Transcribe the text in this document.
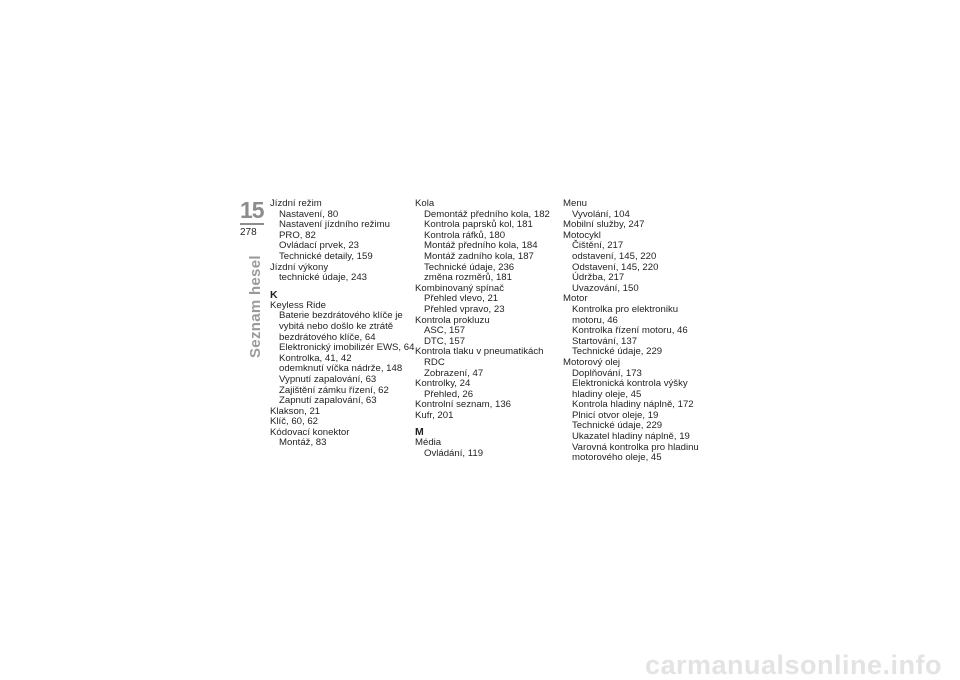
15
278
Seznam hesel
Jízdní režim
Nastavení, 80
Nastavení jízdního režimu
PRO, 82
Ovládací prvek, 23
Technické detaily, 159
Jízdní výkony
technické údaje, 243
K
Keyless Ride
Baterie bezdrátového klíče je
vybitá nebo došlo ke ztrátě
bezdrátového klíče, 64
Elektronický imobilizér EWS, 64
Kontrolka, 41, 42
odemknutí víčka nádrže, 148
Vypnutí zapalování, 63
Zajištění zámku řízení, 62
Zapnutí zapalování, 63
Klakson, 21
Klíč, 60, 62
Kódovací konektor
Montáž, 83
Kola
Demontáž předního kola, 182
Kontrola paprsků kol, 181
Kontrola ráfků, 180
Montáž předního kola, 184
Montáž zadního kola, 187
Technické údaje, 236
změna rozměrů, 181
Kombinovaný spínač
Přehled vlevo, 21
Přehled vpravo, 23
Kontrola prokluzu
ASC, 157
DTC, 157
Kontrola tlaku v pneumatikách
RDC
Zobrazení, 47
Kontrolky, 24
Přehled, 26
Kontrolní seznam, 136
Kufr, 201
M
Média
Ovládání, 119
Menu
Vyvolání, 104
Mobilní služby, 247
Motocykl
Čištění, 217
odstavení, 145, 220
Odstavení, 145, 220
Údržba, 217
Uvazování, 150
Motor
Kontrolka pro elektroniku
motoru, 46
Kontrolka řízení motoru, 46
Startování, 137
Technické údaje, 229
Motorový olej
Doplňování, 173
Elektronická kontrola výšky
hladiny oleje, 45
Kontrola hladiny náplně, 172
Plnicí otvor oleje, 19
Technické údaje, 229
Ukazatel hladiny náplně, 19
Varovná kontrolka pro hladinu
motorového oleje, 45
carmanualsonline.info
